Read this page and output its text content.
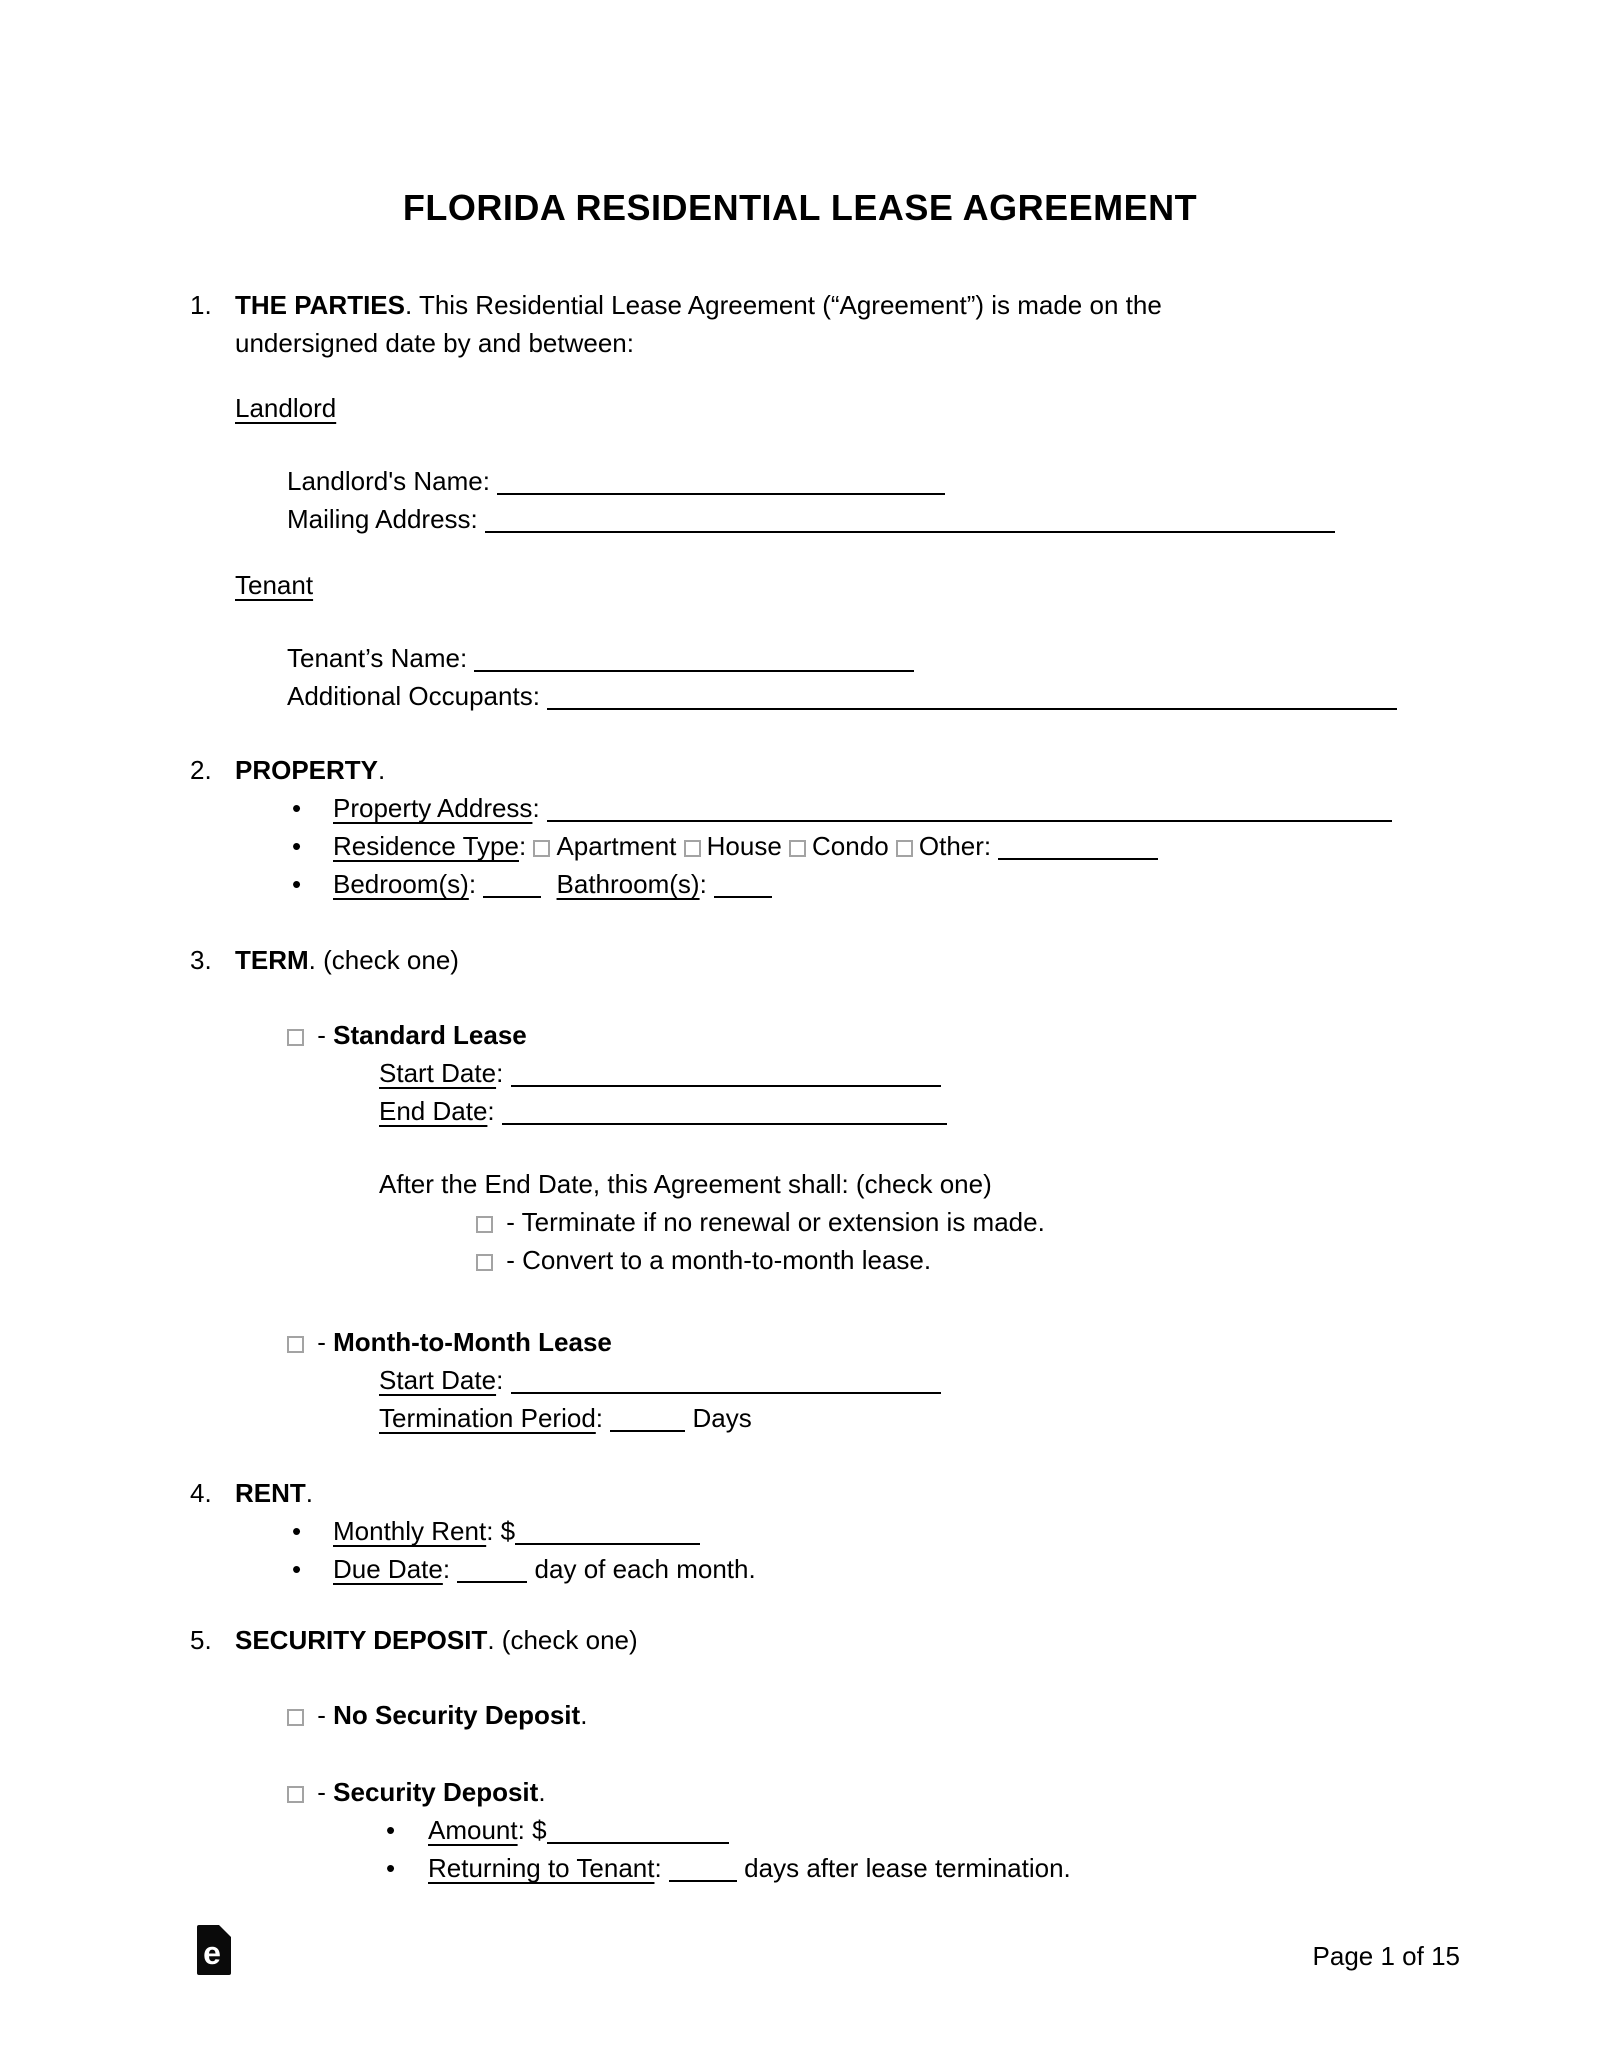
FLORIDA RESIDENTIAL LEASE AGREEMENT
1. THE PARTIES. This Residential Lease Agreement (“Agreement”) is made on the
undersigned date by and between:
Landlord
Landlord's Name:
Mailing Address:
Tenant
Tenant’s Name:
Additional Occupants:
2. PROPERTY.
• Property Address:
• Residence Type: Apartment House Condo Other:
• Bedroom(s):	Bathroom(s):
3. TERM. (check one)
- Standard Lease
Start Date:
End Date:
After the End Date, this Agreement shall: (check one)
- Terminate if no renewal or extension is made.
- Convert to a month-to-month lease.
- Month-to-Month Lease
Start Date:
Termination Period:	Days
4. RENT.
• Monthly Rent: $
• Due Date:	day of each month.
5. SECURITY DEPOSIT. (check one)
- No Security Deposit.
- Security Deposit.
• Amount: $
• Returning to Tenant:	days after lease termination.
e	Page 1 of 15
